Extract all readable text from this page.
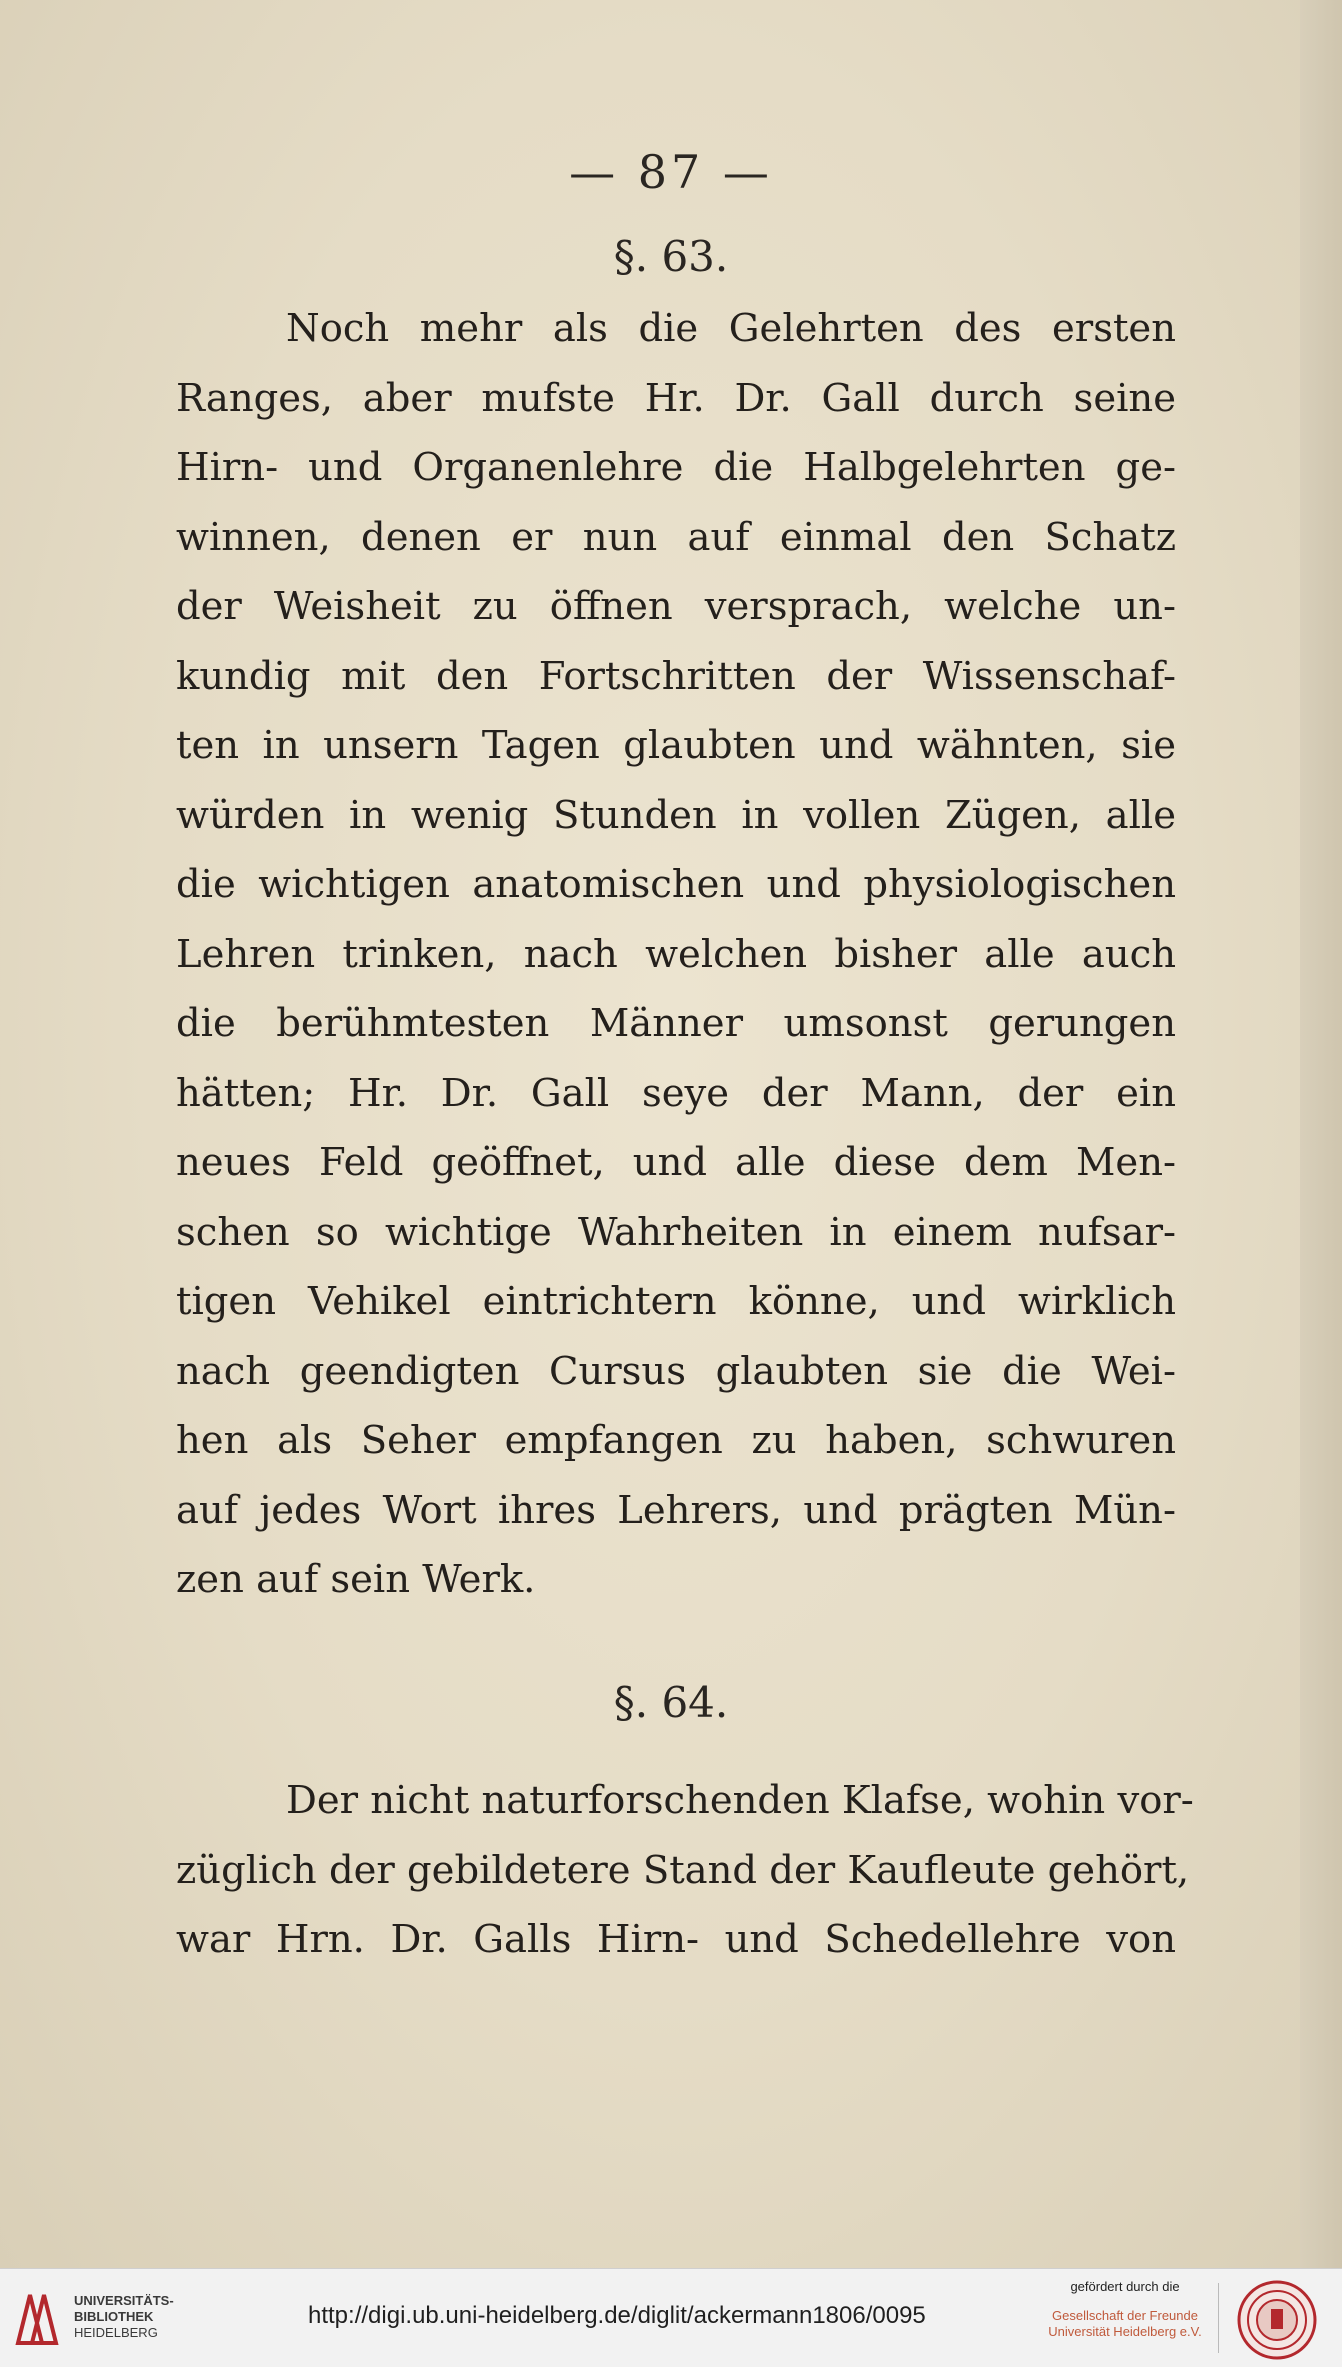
— 87 —
§. 63.
Noch mehr als die Gelehrten des ersten
Ranges, aber mufste Hr. Dr. Gall durch seine
Hirn- und Organenlehre die Halbgelehrten ge-
winnen, denen er nun auf einmal den Schatz
der Weisheit zu öffnen versprach, welche un-
kundig mit den Fortschritten der Wissenschaf-
ten in unsern Tagen glaubten und wähnten, sie
würden in wenig Stunden in vollen Zügen, alle
die wichtigen anatomischen und physiologischen
Lehren trinken, nach welchen bisher alle auch
die berühmtesten Männer umsonst gerungen
hätten; Hr. Dr. Gall seye der Mann, der ein
neues Feld geöffnet, und alle diese dem Men-
schen so wichtige Wahrheiten in einem nufsar-
tigen Vehikel eintrichtern könne, und wirklich
nach geendigten Cursus glaubten sie die Wei-
hen als Seher empfangen zu haben, schwuren
auf jedes Wort ihres Lehrers, und prägten Mün-
zen auf sein Werk.
§. 64.
Der nicht naturforschenden Klafse, wohin vor-
züglich der gebildetere Stand der Kaufleute gehört,
war Hrn. Dr. Galls Hirn- und Schedellehre von
UNIVERSITÄTS-
BIBLIOTHEK
HEIDELBERG
http://digi.ub.uni-heidelberg.de/diglit/ackermann1806/0095
gefördert durch die
Gesellschaft der Freunde
Universität Heidelberg e.V.
